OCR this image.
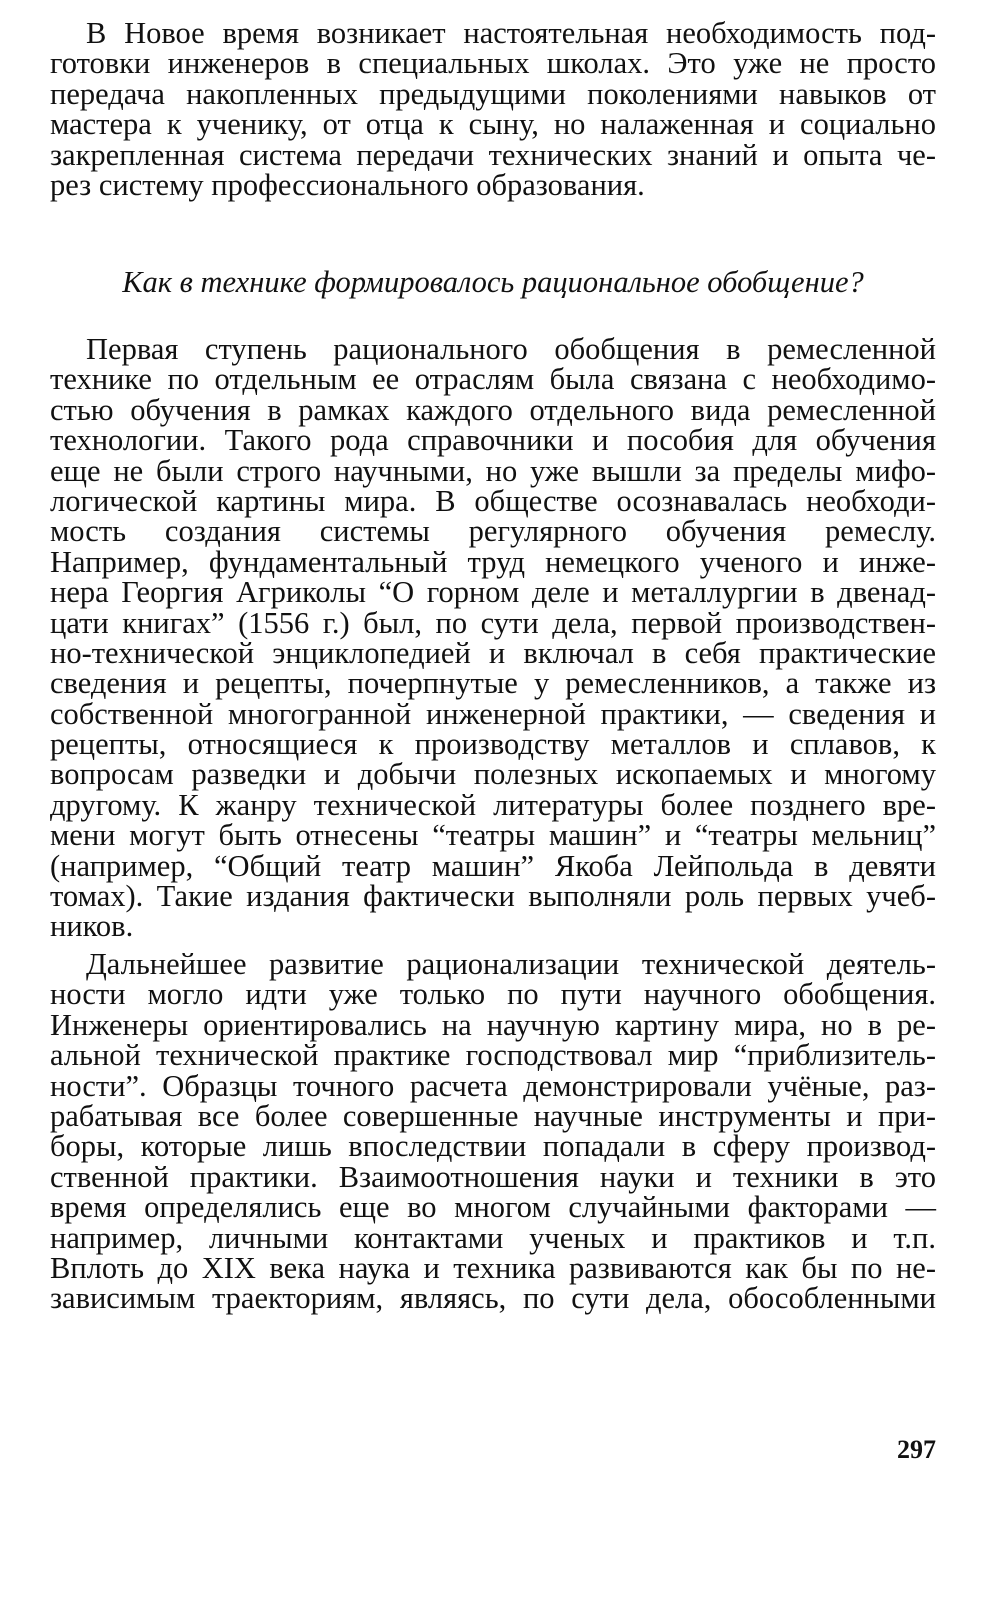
В Новое время возникает настоятельная необходимость под-
готовки инженеров в специальных школах. Это уже не просто
передача накопленных предыдущими поколениями навыков от
мастера к ученику, от отца к сыну, но налаженная и социально
закрепленная система передачи технических знаний и опыта че-
рез систему профессионального образования.
Как в технике формировалось рациональное обобщение?
Первая ступень рационального обобщения в ремесленной
технике по отдельным ее отраслям была связана с необходимо-
стью обучения в рамках каждого отдельного вида ремесленной
технологии. Такого рода справочники и пособия для обучения
еще не были строго научными, но уже вышли за пределы мифо-
логической картины мира. В обществе осознавалась необходи-
мость создания системы регулярного обучения ремеслу.
Например, фундаментальный труд немецкого ученого и инже-
нера Георгия Агриколы “О горном деле и металлургии в двенад-
цати книгах” (1556 г.) был, по сути дела, первой производствен-
но-технической энциклопедией и включал в себя практические
сведения и рецепты, почерпнутые у ремесленников, а также из
собственной многогранной инженерной практики, — сведения и
рецепты, относящиеся к производству металлов и сплавов, к
вопросам разведки и добычи полезных ископаемых и многому
другому. К жанру технической литературы более позднего вре-
мени могут быть отнесены “театры машин” и “театры мельниц”
(например, “Общий театр машин” Якоба Лейпольда в девяти
томах). Такие издания фактически выполняли роль первых учеб-
ников.
Дальнейшее развитие рационализации технической деятель-
ности могло идти уже только по пути научного обобщения.
Инженеры ориентировались на научную картину мира, но в ре-
альной технической практике господствовал мир “приблизитель-
ности”. Образцы точного расчета демонстрировали учёные, раз-
рабатывая все более совершенные научные инструменты и при-
боры, которые лишь впоследствии попадали в сферу производ-
ственной практики. Взаимоотношения науки и техники в это
время определялись еще во многом случайными факторами —
например, личными контактами ученых и практиков и т.п.
Вплоть до XIX века наука и техника развиваются как бы по не-
зависимым траекториям, являясь, по сути дела, обособленными
297
